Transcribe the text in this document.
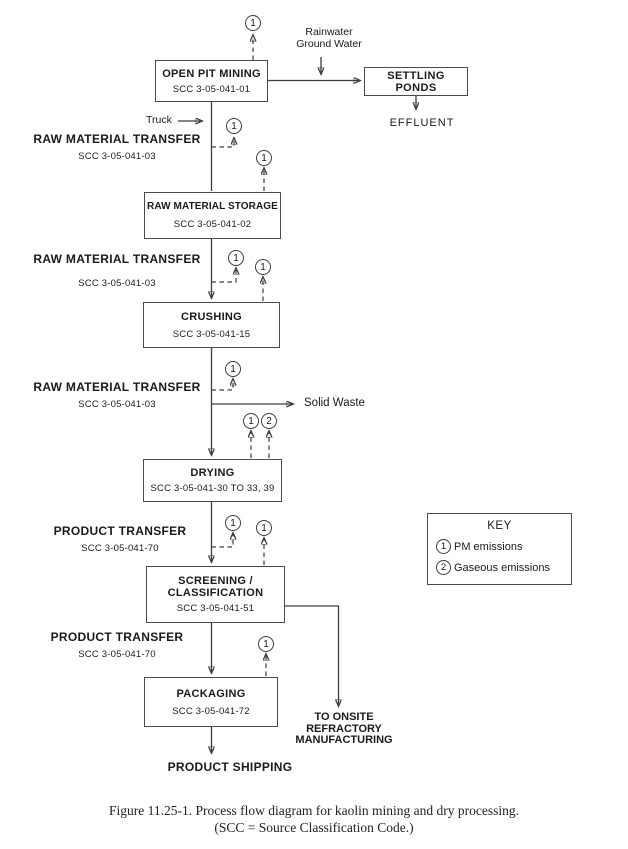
OPEN PIT MINING
SCC 3-05-041-01
SETTLING PONDS
RAW MATERIAL STORAGE
SCC 3-05-041-02
CRUSHING
SCC 3-05-041-15
DRYING
SCC 3-05-041-30 TO 33, 39
SCREENING /
CLASSIFICATION
SCC 3-05-041-51
PACKAGING
SCC 3-05-041-72
RAW MATERIAL TRANSFER
SCC 3-05-041-03
RAW MATERIAL TRANSFER
SCC 3-05-041-03
RAW MATERIAL TRANSFER
SCC 3-05-041-03
PRODUCT TRANSFER
SCC 3-05-041-70
PRODUCT TRANSFER
SCC 3-05-041-70
Truck
Rainwater
Ground Water
EFFLUENT
Solid Waste
PRODUCT SHIPPING
TO ONSITE
REFRACTORY
MANUFACTURING
1
1
1
1
1
1
1	2
1	1
1
KEY
1 PM emissions
2 Gaseous emissions
Figure 11.25-1. Process flow diagram for kaolin mining and dry processing.
(SCC = Source Classification Code.)
